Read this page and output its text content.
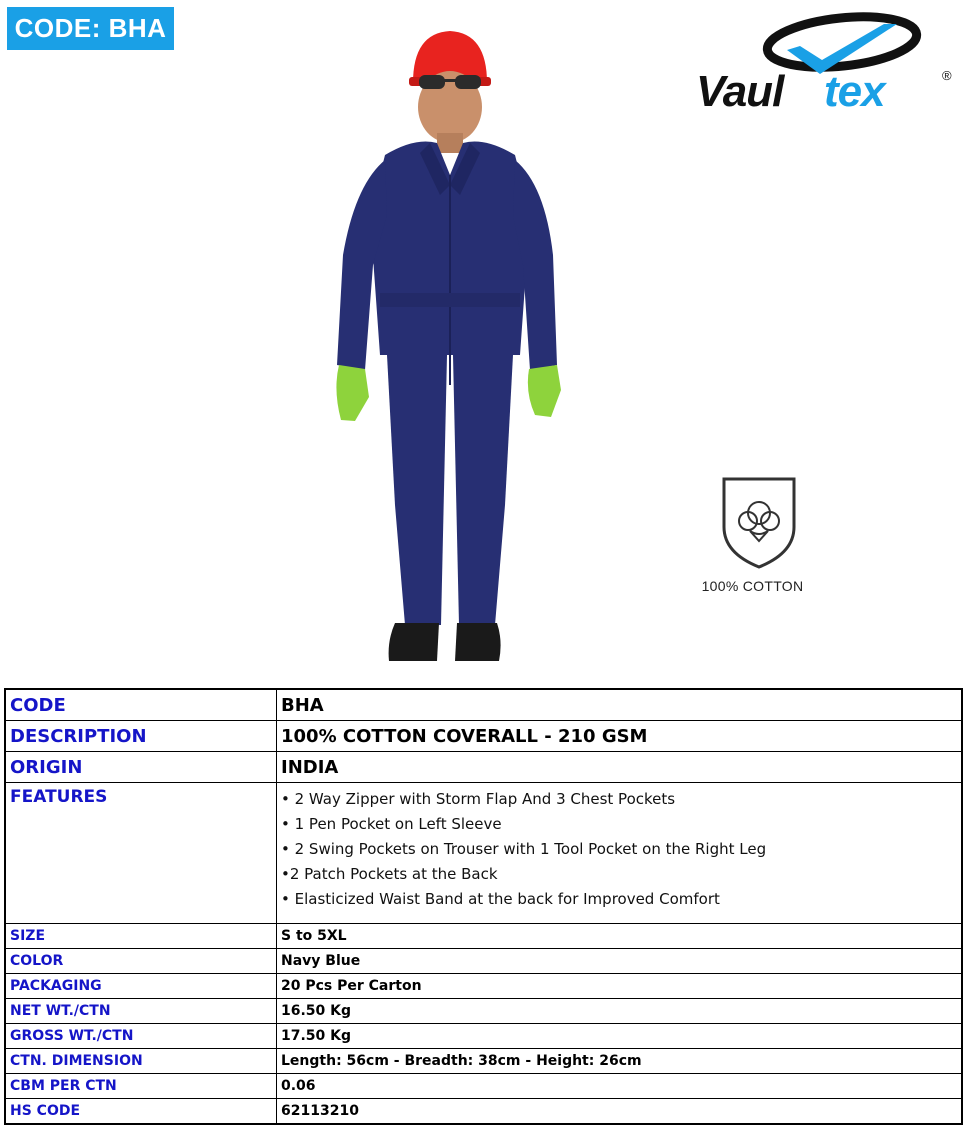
CODE: BHA
Vaul tex	®
100% COTTON
CODE	BHA
DESCRIPTION	100% COTTON COVERALL - 210 GSM
ORIGIN	INDIA
FEATURES	• 2 Way Zipper with Storm Flap And 3 Chest Pockets
• 1 Pen Pocket on Left Sleeve
• 2 Swing Pockets on Trouser with 1 Tool Pocket on the Right Leg
•2 Patch Pockets at the Back
• Elasticized Waist Band at the back for Improved Comfort

SIZE	S to 5XL
COLOR	Navy Blue
PACKAGING	20 Pcs Per Carton
NET WT./CTN	16.50 Kg
GROSS WT./CTN	17.50 Kg
CTN. DIMENSION	Length: 56cm - Breadth: 38cm - Height: 26cm
CBM PER CTN	0.06
HS CODE	62113210
